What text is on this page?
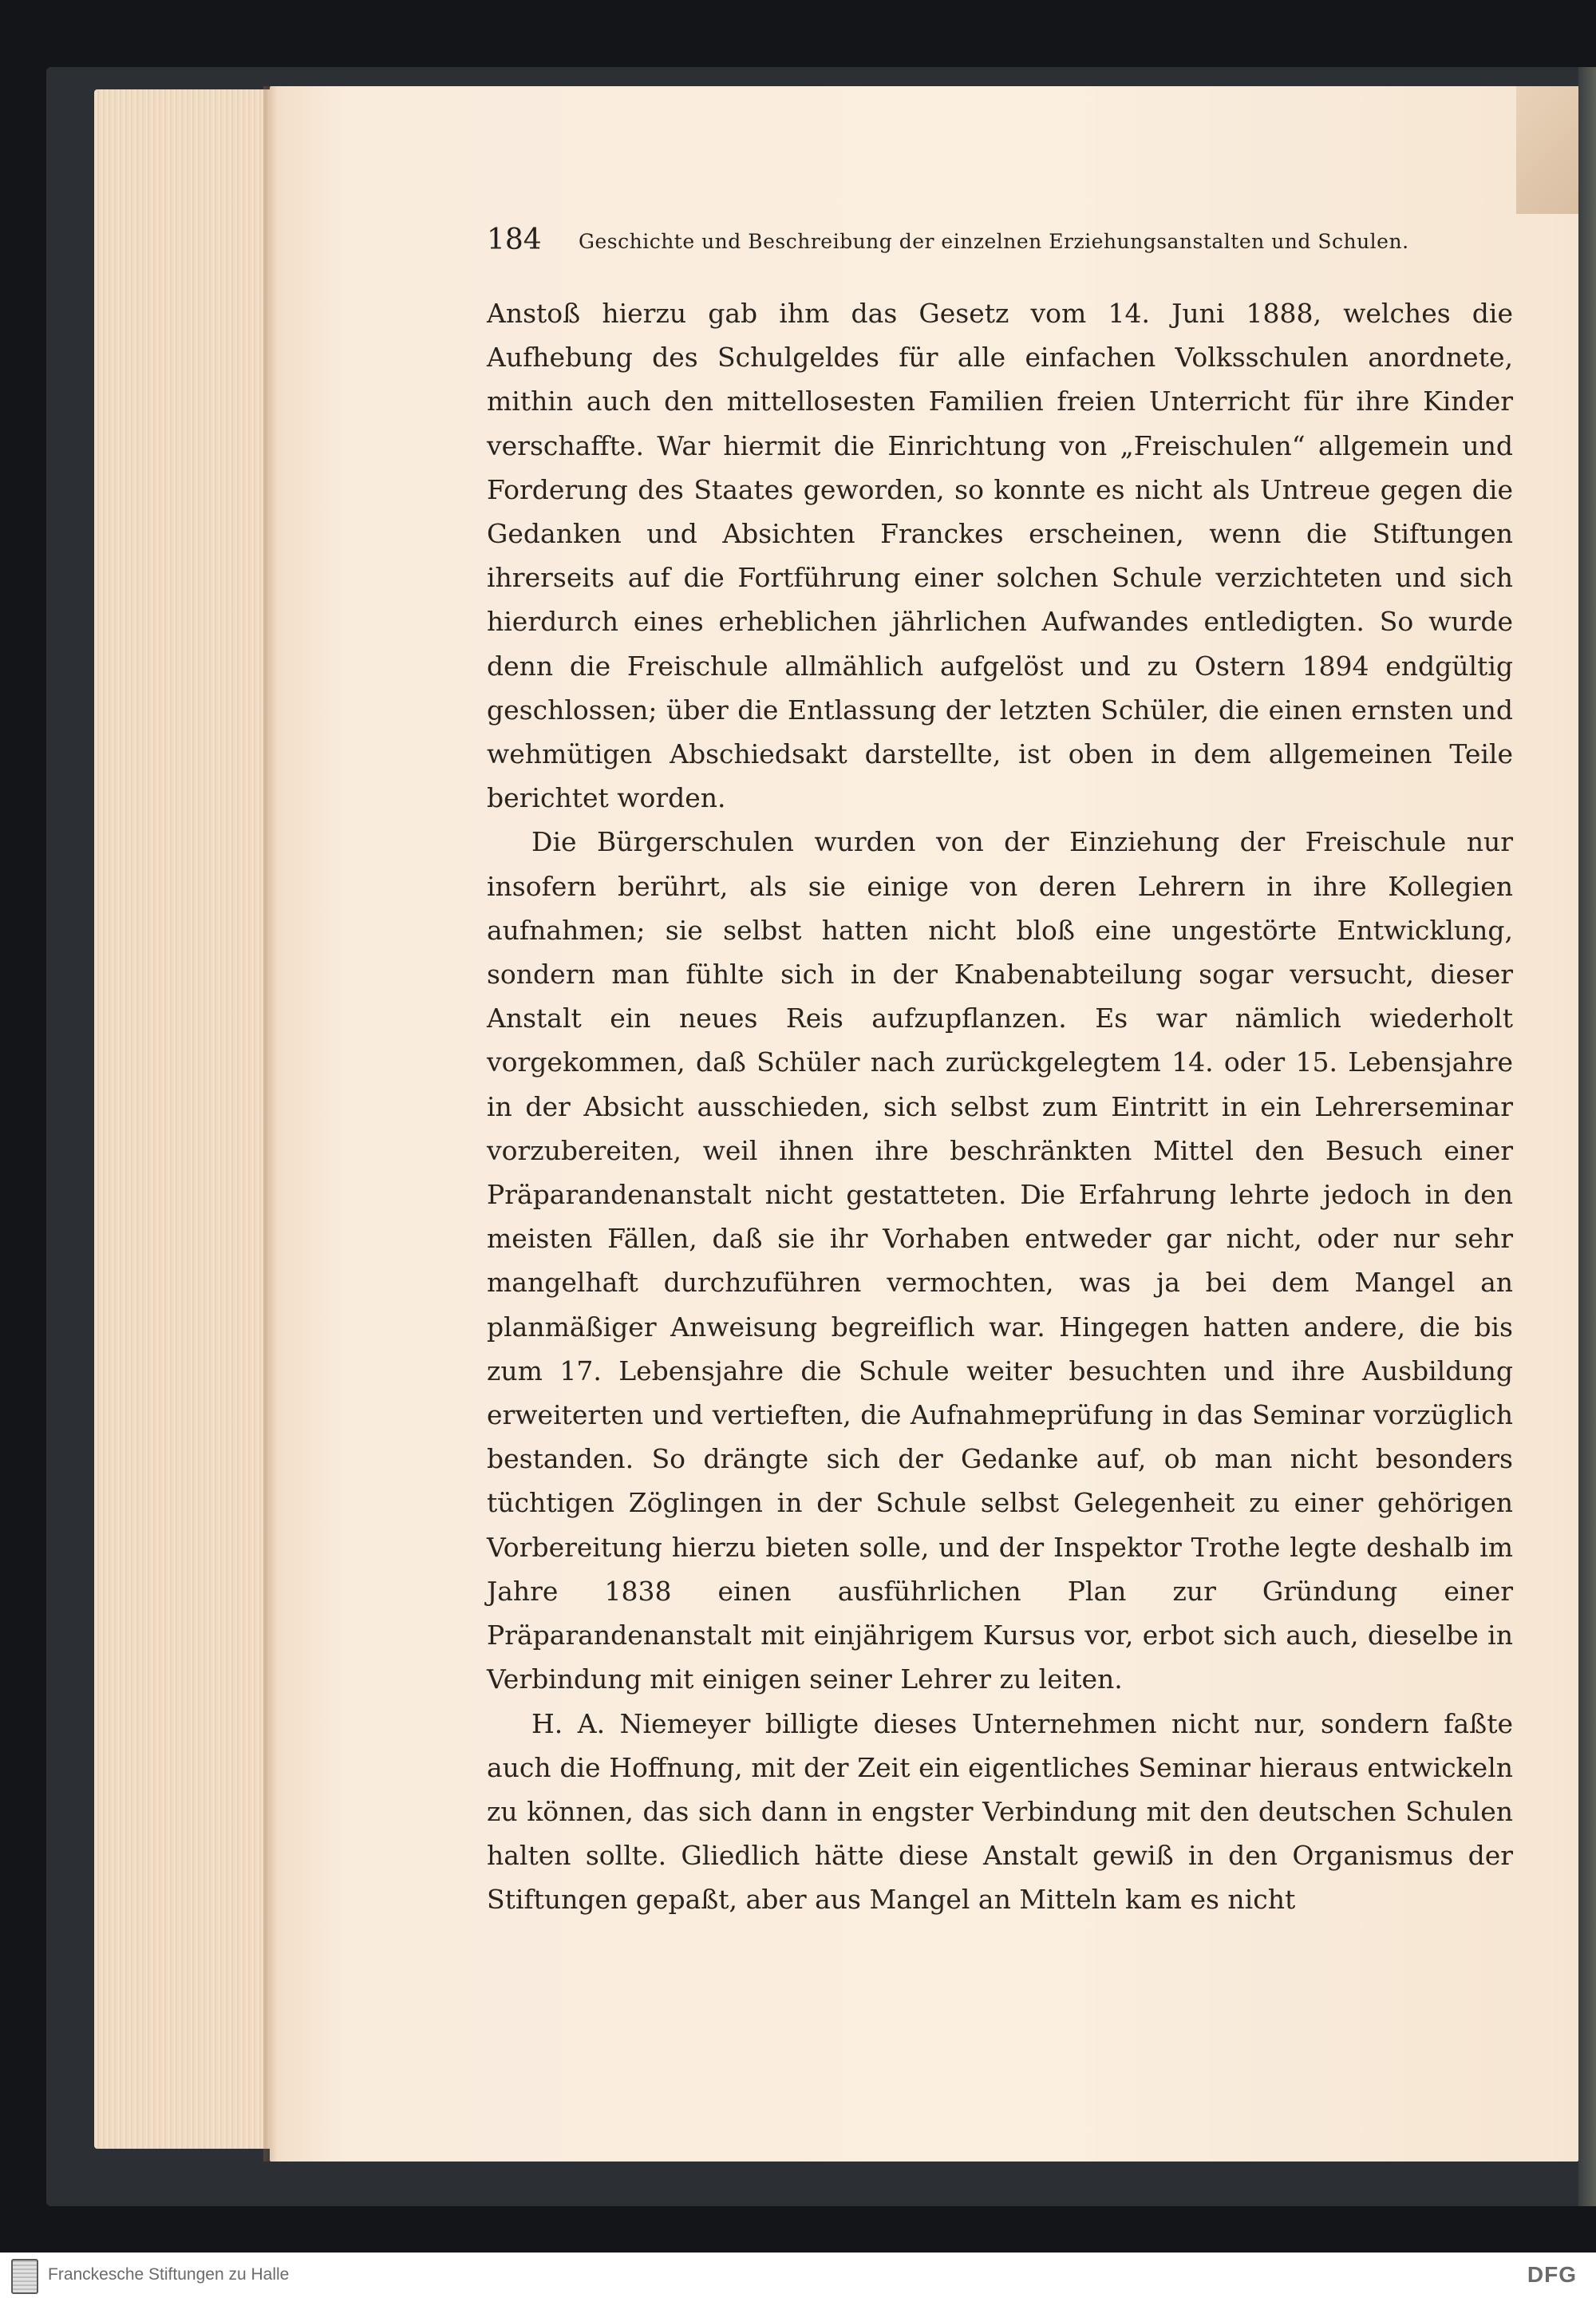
184 Geschichte und Beschreibung der einzelnen Erziehungsanstalten und Schulen.

Anstoß hierzu gab ihm das Gesetz vom 14. Juni 1888, welches die Aufhebung des Schulgeldes für alle einfachen Volksschulen anordnete, mithin auch den mittellosesten Familien freien Unterricht für ihre Kinder verschaffte. War hiermit die Einrichtung von „Freischulen“ allgemein und Forderung des Staates geworden, so konnte es nicht als Untreue gegen die Gedanken und Absichten Franckes erscheinen, wenn die Stiftungen ihrerseits auf die Fortführung einer solchen Schule verzichteten und sich hierdurch eines erheblichen jährlichen Aufwandes entledigten. So wurde denn die Freischule allmählich aufgelöst und zu Ostern 1894 endgültig geschlossen; über die Entlassung der letzten Schüler, die einen ernsten und wehmütigen Abschiedsakt darstellte, ist oben in dem allgemeinen Teile berichtet worden.

Die Bürgerschulen wurden von der Einziehung der Freischule nur insofern berührt, als sie einige von deren Lehrern in ihre Kollegien aufnahmen; sie selbst hatten nicht bloß eine ungestörte Entwicklung, sondern man fühlte sich in der Knabenabteilung sogar versucht, dieser Anstalt ein neues Reis aufzupflanzen. Es war nämlich wiederholt vorgekommen, daß Schüler nach zurückgelegtem 14. oder 15. Lebensjahre in der Absicht ausschieden, sich selbst zum Eintritt in ein Lehrerseminar vorzubereiten, weil ihnen ihre beschränkten Mittel den Besuch einer Präparandenanstalt nicht gestatteten. Die Erfahrung lehrte jedoch in den meisten Fällen, daß sie ihr Vorhaben entweder gar nicht, oder nur sehr mangelhaft durchzuführen vermochten, was ja bei dem Mangel an planmäßiger Anweisung begreiflich war. Hingegen hatten andere, die bis zum 17. Lebensjahre die Schule weiter besuchten und ihre Ausbildung erweiterten und vertieften, die Aufnahmeprüfung in das Seminar vorzüglich bestanden. So drängte sich der Gedanke auf, ob man nicht besonders tüchtigen Zöglingen in der Schule selbst Gelegenheit zu einer gehörigen Vorbereitung hierzu bieten solle, und der Inspektor Trothe legte deshalb im Jahre 1838 einen ausführlichen Plan zur Gründung einer Präparandenanstalt mit einjährigem Kursus vor, erbot sich auch, dieselbe in Verbindung mit einigen seiner Lehrer zu leiten.

H. A. Niemeyer billigte dieses Unternehmen nicht nur, sondern faßte auch die Hoffnung, mit der Zeit ein eigentliches Seminar hieraus entwickeln zu können, das sich dann in engster Verbindung mit den deutschen Schulen halten sollte. Gliedlich hätte diese Anstalt gewiß in den Organismus der Stiftungen gepaßt, aber aus Mangel an Mitteln kam es nicht

Franckesche Stiftungen zu Halle	DFG
